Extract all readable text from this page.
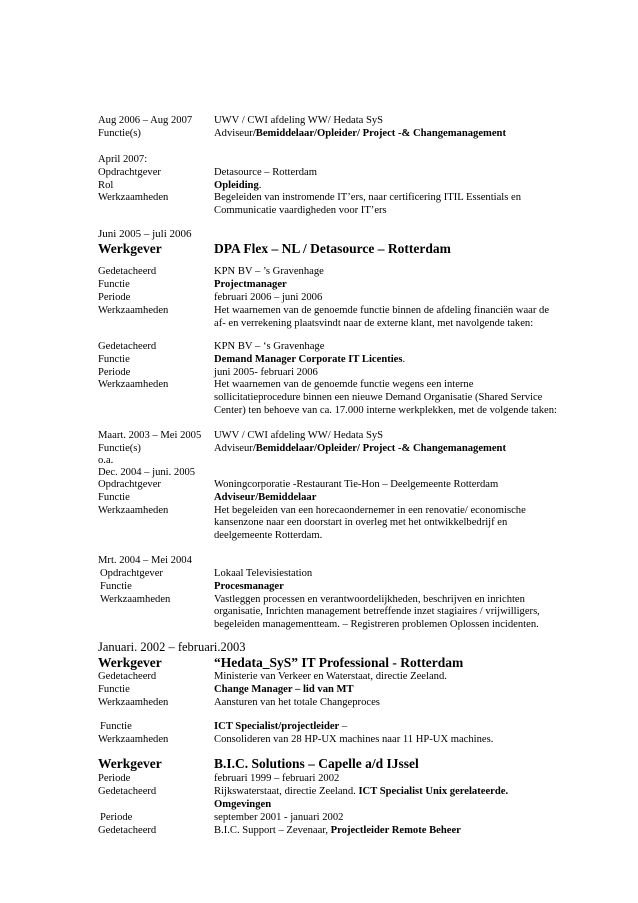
Aug 2006 – Aug 2007 UWV / CWI afdeling WW/ Hedata SyS
Functie(s)	Adviseur/Bemiddelaar/Opleider/ Project -& Changemanagement
April 2007:
Opdrachtgever	Detasource – Rotterdam
Rol	Opleiding.
Werkzaamheden	Begeleiden van instromende IT’ers, naar certificering ITIL Essentials en
Communicatie vaardigheden voor IT’ers
Juni 2005 – juli 2006
Werkgever	DPA Flex – NL / Detasource – Rotterdam
Gedetacheerd	KPN BV – ’s Gravenhage
Functie	Projectmanager
Periode	februari 2006 – juni 2006
Werkzaamheden	Het waarnemen van de genoemde functie binnen de afdeling financiën waar de
af- en verrekening plaatsvindt naar de externe klant, met navolgende taken:
Gedetacheerd	KPN BV – ‘s Gravenhage
Functie	Demand Manager Corporate IT Licenties.
Periode	juni 2005- februari 2006
Werkzaamheden	Het waarnemen van de genoemde functie wegens een interne
sollicitatieprocedure binnen een nieuwe Demand Organisatie (Shared Service
Center) ten behoeve van ca. 17.000 interne werkplekken, met de volgende taken:
Maart. 2003 – Mei 2005 UWV / CWI afdeling WW/ Hedata SyS
Functie(s)	Adviseur/Bemiddelaar/Opleider/ Project -& Changemanagement
o.a.
Dec. 2004 – juni. 2005
Opdrachtgever	Woningcorporatie -Restaurant Tie-Hon – Deelgemeente Rotterdam
Functie	Adviseur/Bemiddelaar
Werkzaamheden	Het begeleiden van een horecaondernemer in een renovatie/ economische
kansenzone naar een doorstart in overleg met het ontwikkelbedrijf en
deelgemeente Rotterdam.
Mrt. 2004 – Mei 2004
Opdrachtgever	Lokaal Televisiestation
Functie	Procesmanager
Werkzaamheden	Vastleggen processen en verantwoordelijkheden, beschrijven en inrichten
organisatie, Inrichten management betreffende inzet stagiaires / vrijwilligers,
begeleiden managementteam. – Registreren problemen Oplossen incidenten.
Januari. 2002 – februari.2003
Werkgever	“Hedata_SyS” IT Professional - Rotterdam
Gedetacheerd	Ministerie van Verkeer en Waterstaat, directie Zeeland.
Functie	Change Manager – lid van MT
Werkzaamheden	Aansturen van het totale Changeproces
Functie	ICT Specialist/projectleider –
Werkzaamheden	Consolideren van 28 HP-UX machines naar 11 HP-UX machines.
Werkgever	B.I.C. Solutions – Capelle a/d IJssel
Periode	februari 1999 – februari 2002
Gedetacheerd	Rijkswaterstaat, directie Zeeland. ICT Specialist Unix gerelateerde.
Omgevingen
Periode	september 2001 - januari 2002
Gedetacheerd	B.I.C. Support – Zevenaar, Projectleider Remote Beheer
